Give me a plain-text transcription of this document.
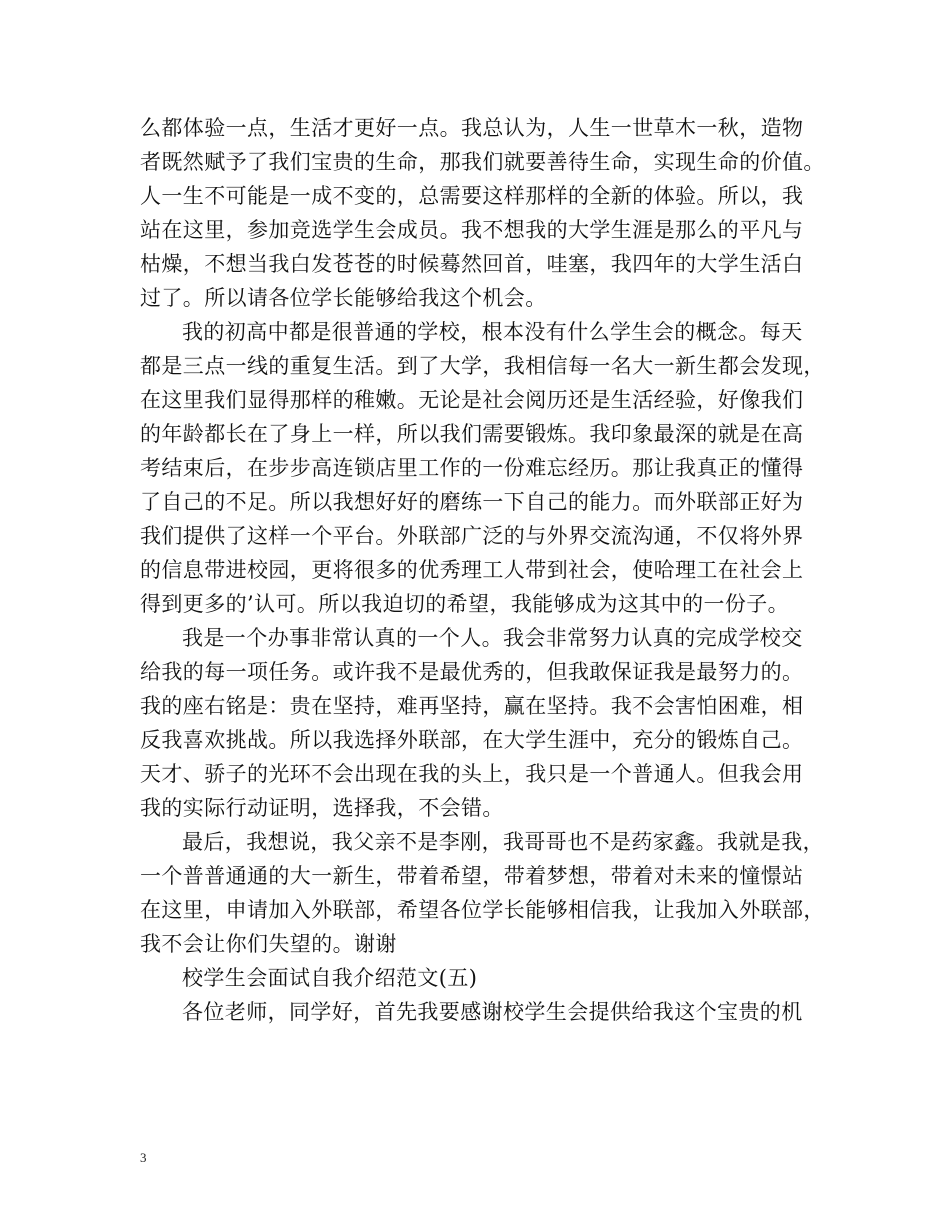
么都体验一点，生活才更好一点。我总认为，人生一世草木一秋，造物
者既然赋予了我们宝贵的生命，那我们就要善待生命，实现生命的价值。
人一生不可能是一成不变的，总需要这样那样的全新的体验。所以，我
站在这里，参加竞选学生会成员。我不想我的大学生涯是那么的平凡与
枯燥，不想当我白发苍苍的时候蓦然回首，哇塞，我四年的大学生活白
过了。所以请各位学长能够给我这个机会。
我的初高中都是很普通的学校，根本没有什么学生会的概念。每天
都是三点一线的重复生活。到了大学，我相信每一名大一新生都会发现，
在这里我们显得那样的稚嫩。无论是社会阅历还是生活经验，好像我们
的年龄都长在了身上一样，所以我们需要锻炼。我印象最深的就是在高
考结束后，在步步高连锁店里工作的一份难忘经历。那让我真正的懂得
了自己的不足。所以我想好好的磨练一下自己的能力。而外联部正好为
我们提供了这样一个平台。外联部广泛的与外界交流沟通，不仅将外界
的信息带进校园，更将很多的优秀理工人带到社会，使哈理工在社会上
得到更多的’认可。所以我迫切的希望，我能够成为这其中的一份子。
我是一个办事非常认真的一个人。我会非常努力认真的完成学校交
给我的每一项任务。或许我不是最优秀的，但我敢保证我是最努力的。
我的座右铭是：贵在坚持，难再坚持，赢在坚持。我不会害怕困难，相
反我喜欢挑战。所以我选择外联部，在大学生涯中，充分的锻炼自己。
天才、骄子的光环不会出现在我的头上，我只是一个普通人。但我会用
我的实际行动证明，选择我，不会错。
最后，我想说，我父亲不是李刚，我哥哥也不是药家鑫。我就是我，
一个普普通通的大一新生，带着希望，带着梦想，带着对未来的憧憬站
在这里，申请加入外联部，希望各位学长能够相信我，让我加入外联部，
我不会让你们失望的。谢谢
校学生会面试自我介绍范文(五)
各位老师，同学好，首先我要感谢校学生会提供给我这个宝贵的机
3
